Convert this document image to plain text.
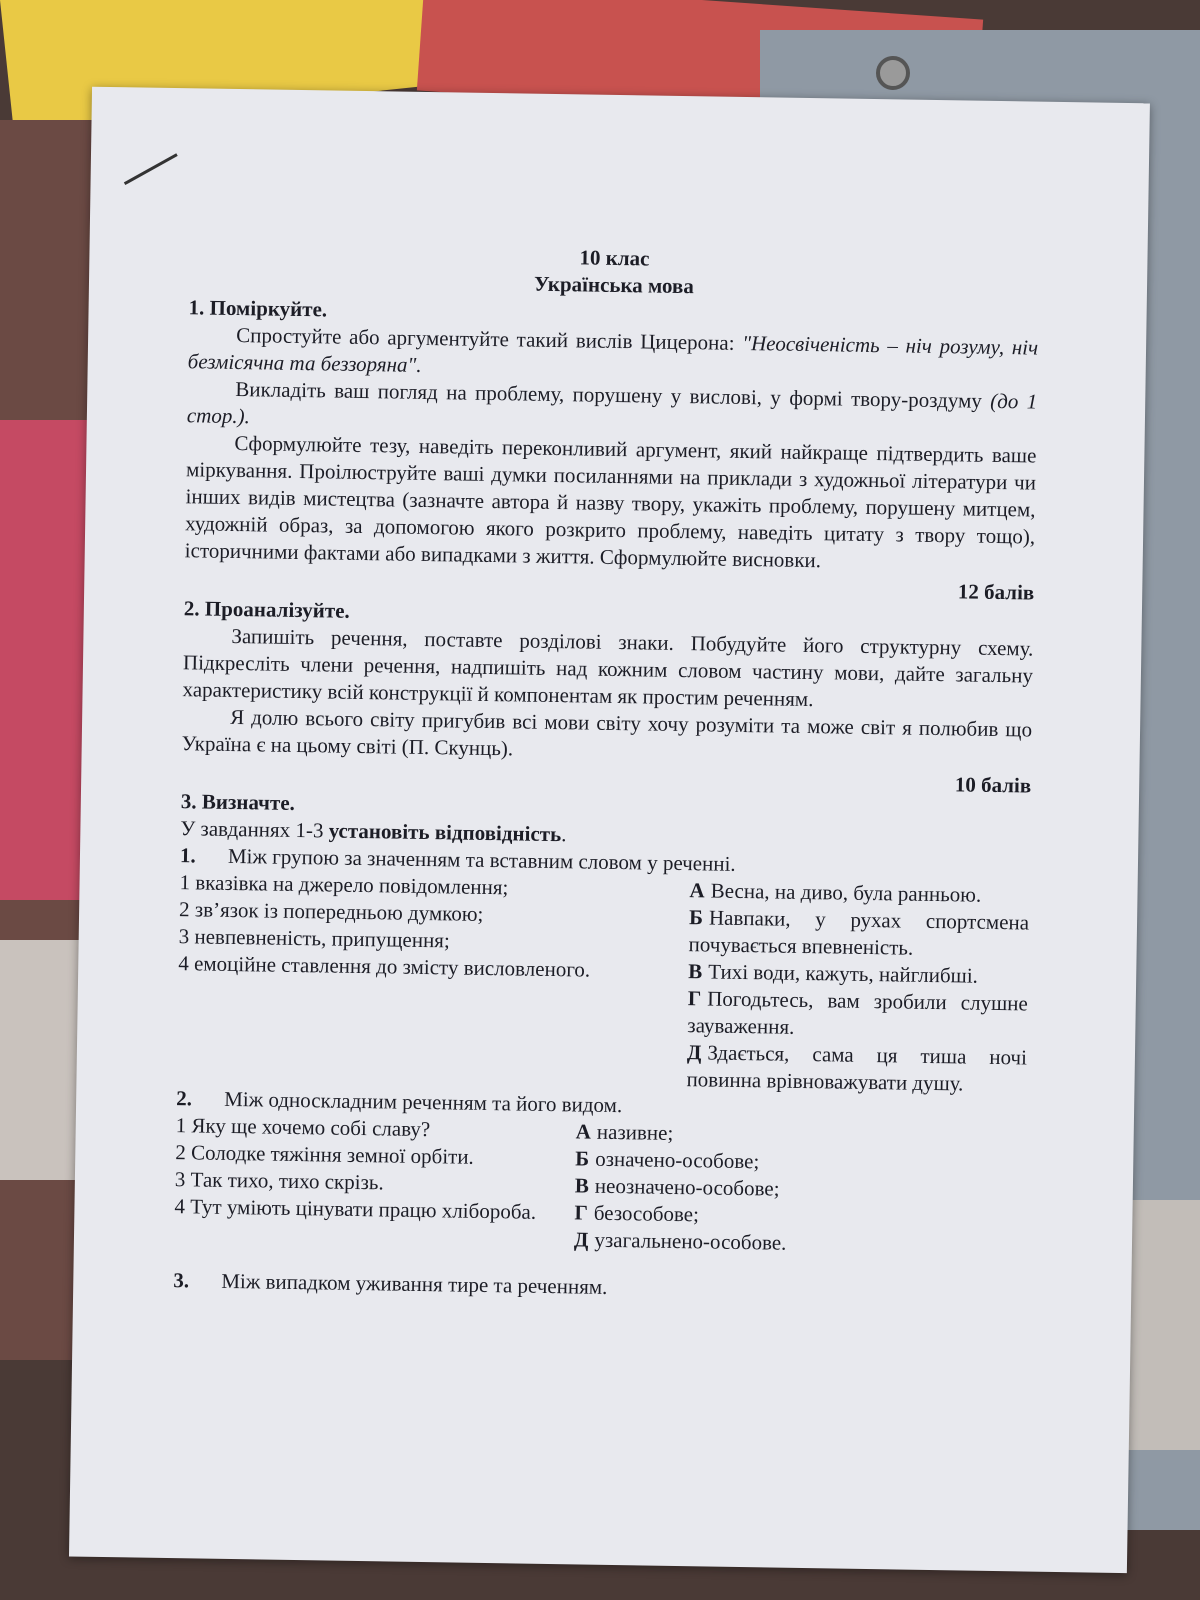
10 клас
Українська мова
1. Поміркуйте.

Спростуйте або аргументуйте такий вислів Цицерона: "Неосвіченість – ніч розуму, ніч безмісячна та беззоряна".

Викладіть ваш погляд на проблему, порушену у вислові, у формі твору-роздуму (до 1 стор.).

Сформулюйте тезу, наведіть переконливий аргумент, який найкраще підтвердить ваше міркування. Проілюструйте ваші думки посиланнями на приклади з художньої літератури чи інших видів мистецтва (зазначте автора й назву твору, укажіть проблему, порушену митцем, художній образ, за допомогою якого розкрито проблему, наведіть цитату з твору тощо), історичними фактами або випадками з життя. Сформулюйте висновки.

12 балів
2. Проаналізуйте.

Запишіть речення, поставте розділові знаки. Побудуйте його структурну схему. Підкресліть члени речення, надпишіть над кожним словом частину мови, дайте загальну характеристику всій конструкції й компонентам як простим реченням.

Я долю всього світу пригубив всі мови світу хочу розуміти та може світ я полюбив що Україна є на цьому світі (П. Скунць).

10 балів
3. Визначте.
У завданнях 1-3 установіть відповідність.
1. Між групою за значенням та вставним словом у реченні.
1 вказівка на джерело повідомлення;
2 зв’язок із попередньою думкою;
3 невпевненість, припущення;
4 емоційне ставлення до змісту висловленого.
А Весна, на диво, була ранньою.
Б Навпаки, у рухах спортсмена почувається впевненість.
В Тихі води, кажуть, найглибші.
Г Погодьтесь, вам зробили слушне зауваження.
Д Здається, сама ця тиша ночі повинна врівноважувати душу.
2. Між односкладним реченням та його видом.
1 Яку ще хочемо собі славу?
2 Солодке тяжіння земної орбіти.
3 Так тихо, тихо скрізь.
4 Тут уміють цінувати працю хлібороба.
А називне;
Б означено-особове;
В неозначено-особове;
Г безособове;
Д узагальнено-особове.
3. Між випадком уживання тире та реченням.
